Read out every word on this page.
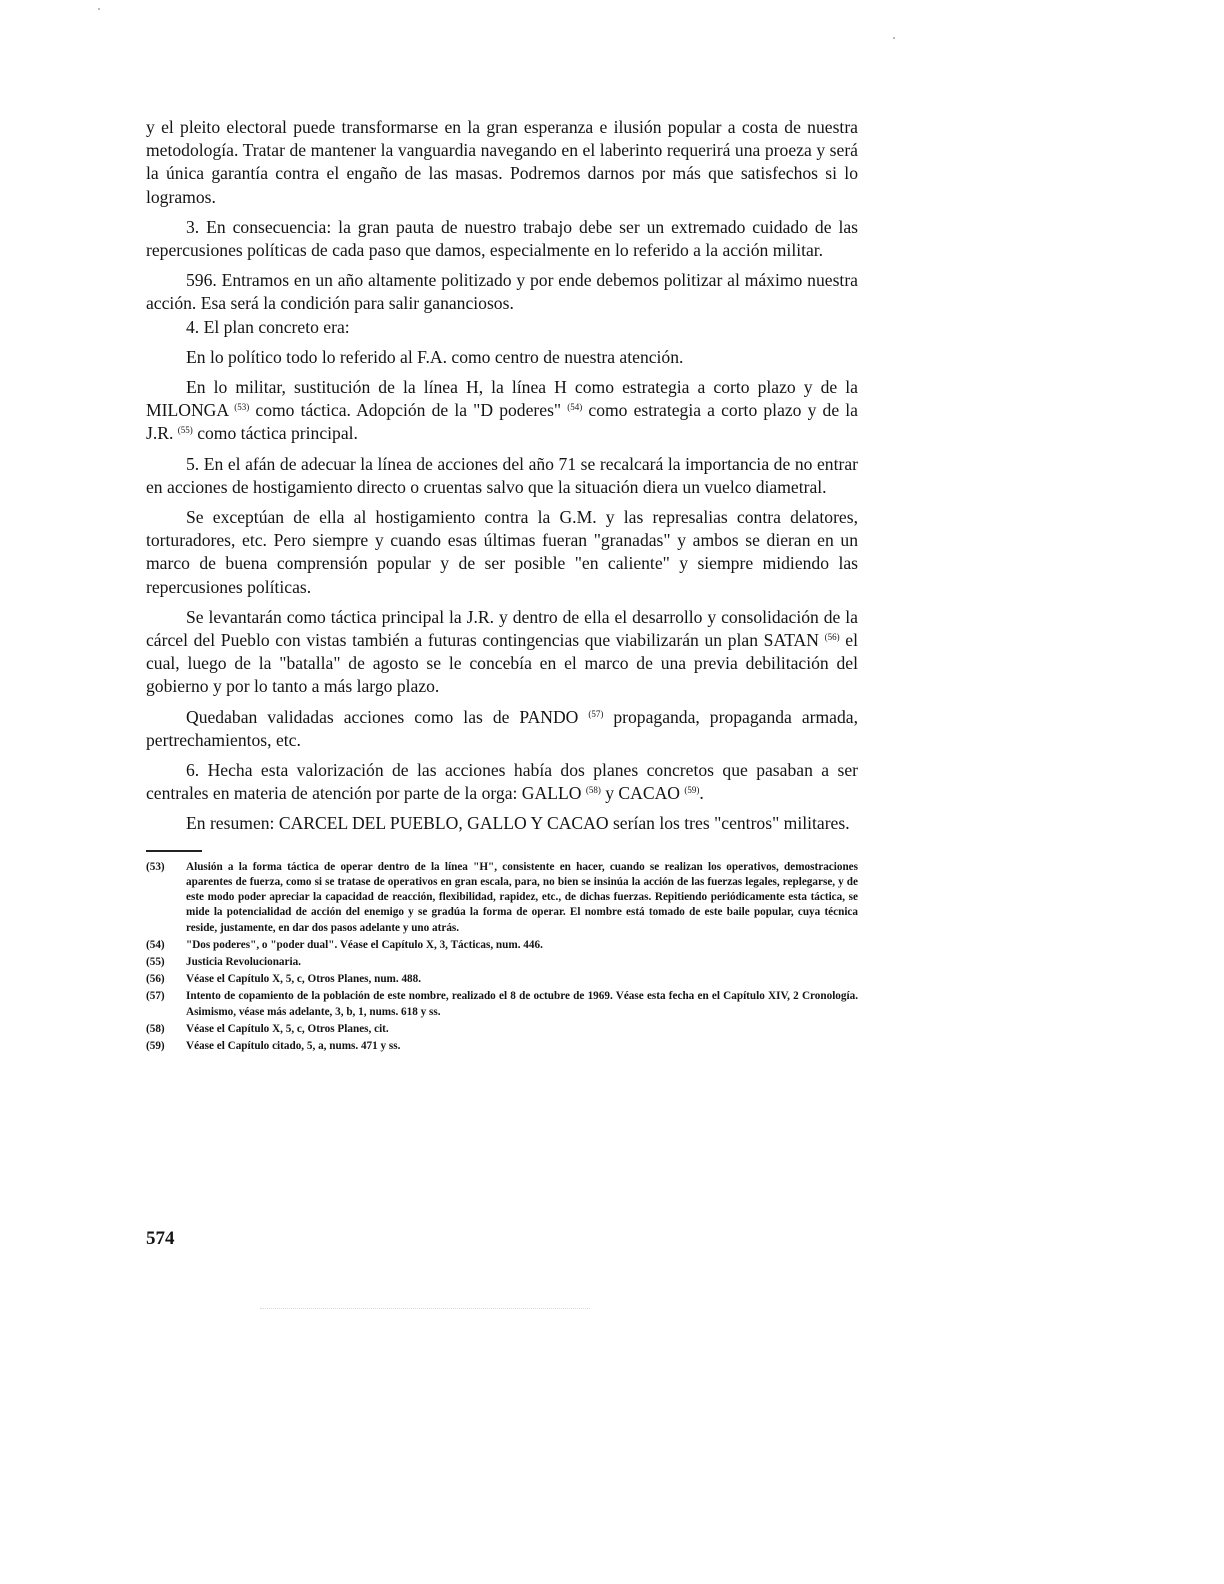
y el pleito electoral puede transformarse en la gran esperanza e ilusión popular a costa de nuestra metodología. Tratar de mantener la vanguardia navegando en el laberinto requerirá una proeza y será la única garantía contra el engaño de las masas. Podremos darnos por más que satisfechos si lo logramos.

3. En consecuencia: la gran pauta de nuestro trabajo debe ser un extremado cuidado de las repercusiones políticas de cada paso que damos, especialmente en lo referido a la acción militar.

596. Entramos en un año altamente politizado y por ende debemos politizar al máximo nuestra acción. Esa será la condición para salir gananciosos.

4. El plan concreto era:

En lo político todo lo referido al F.A. como centro de nuestra atención.

En lo militar, sustitución de la línea H, la línea H como estrategia a corto plazo y de la MILONGA $^{(53)}$ como táctica. Adopción de la "D poderes" $^{(54)}$ como estrategia a corto plazo y de la J.R. $^{(55)}$ como táctica principal.

5. En el afán de adecuar la línea de acciones del año 71 se recalcará la importancia de no entrar en acciones de hostigamiento directo o cruentas salvo que la situación diera un vuelco diametral.

Se exceptúan de ella al hostigamiento contra la G.M. y las represalias contra delatores, torturadores, etc. Pero siempre y cuando esas últimas fueran "granadas" y ambos se dieran en un marco de buena comprensión popular y de ser posible "en caliente" y siempre midiendo las repercusiones políticas.

Se levantarán como táctica principal la J.R. y dentro de ella el desarrollo y consolidación de la cárcel del Pueblo con vistas también a futuras contingencias que viabilizarán un plan SATAN $^{(56)}$ el cual, luego de la "batalla" de agosto se le concebía en el marco de una previa debilitación del gobierno y por lo tanto a más largo plazo.

Quedaban validadas acciones como las de PANDO $^{(57)}$ propaganda, propaganda armada, pertrechamientos, etc.

6. Hecha esta valorización de las acciones había dos planes concretos que pasaban a ser centrales en materia de atención por parte de la orga: GALLO $^{(58)}$ y CACAO $^{(59)}$.

En resumen: CARCEL DEL PUEBLO, GALLO Y CACAO serían los tres "centros" militares.

(53)	Alusión a la forma táctica de operar dentro de la línea "H", consistente en hacer, cuando se realizan los operativos, demostraciones aparentes de fuerza, como si se tratase de operativos en gran escala, para, no bien se insinúa la acción de las fuerzas legales, replegarse, y de este modo poder apreciar la capacidad de reacción, flexibilidad, rapidez, etc., de dichas fuerzas. Repitiendo periódicamente esta táctica, se mide la potencialidad de acción del enemigo y se gradúa la forma de operar. El nombre está tomado de este baile popular, cuya técnica reside, justamente, en dar dos pasos adelante y uno atrás.
(54)	"Dos poderes", o "poder dual". Véase el Capítulo X, 3, Tácticas, num. 446.
(55)	Justicia Revolucionaria.
(56)	Véase el Capítulo X, 5, c, Otros Planes, num. 488.
(57)	Intento de copamiento de la población de este nombre, realizado el 8 de octubre de 1969. Véase esta fecha en el Capítulo XIV, 2 Cronología. Asimismo, véase más adelante, 3, b, 1, nums. 618 y ss.
(58)	Véase el Capítulo X, 5, c, Otros Planes, cit.
(59)	Véase el Capítulo citado, 5, a, nums. 471 y ss.
574
